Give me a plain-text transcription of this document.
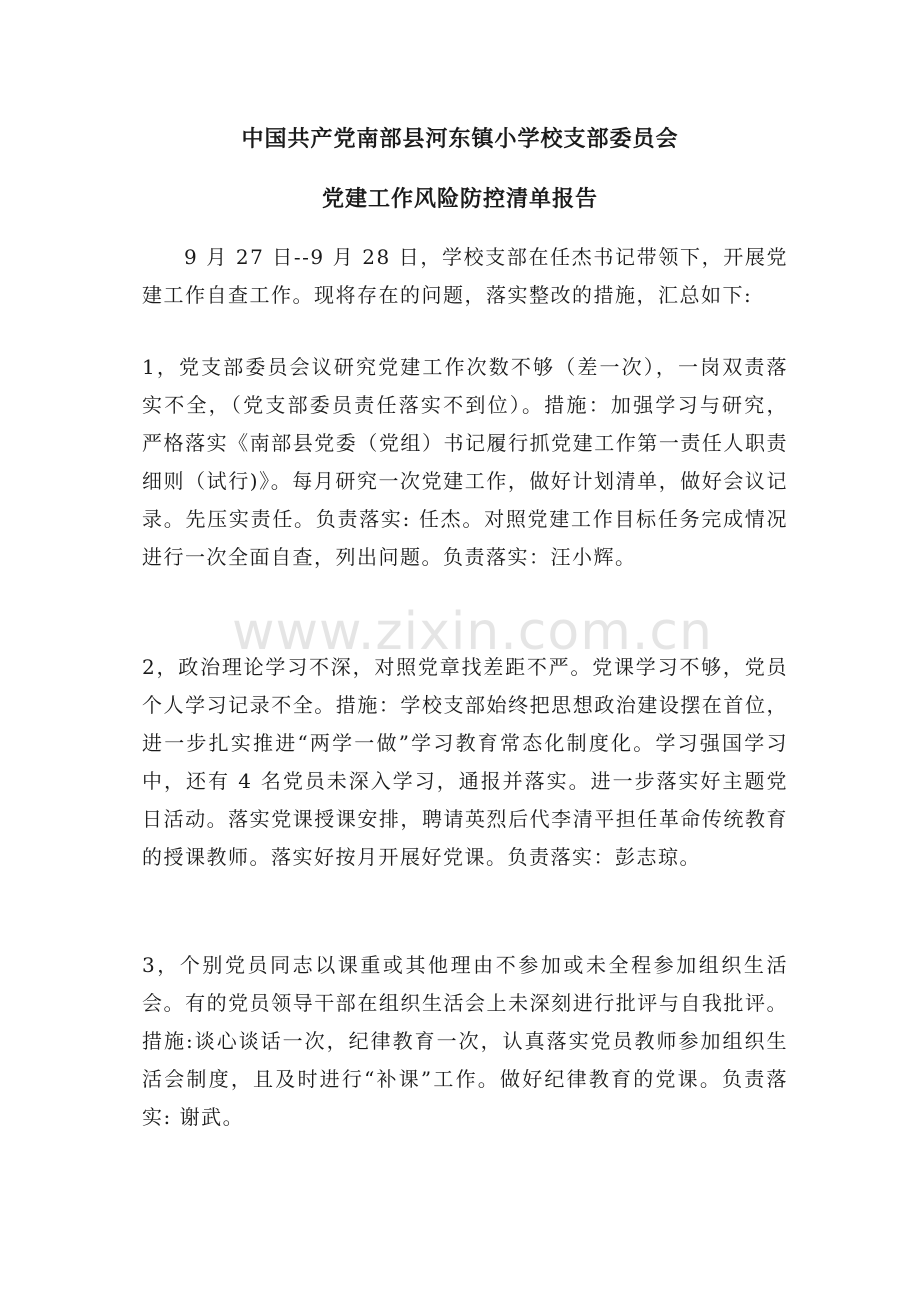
中国共产党南部县河东镇小学校支部委员会
党建工作风险防控清单报告

9 月 27 日--9 月 28 日，学校支部在任杰书记带领下，开展党建工作自查工作。现将存在的问题，落实整改的措施，汇总如下:

1，党支部委员会议研究党建工作次数不够（差一次），一岗双责落实不全，（党支部委员责任落实不到位）。措施：加强学习与研究，严格落实《南部县党委（党组）书记履行抓党建工作第一责任人职责细则（试行)》。每月研究一次党建工作，做好计划清单，做好会议记录。先压实责任。负责落实: 任杰。对照党建工作目标任务完成情况进行一次全面自查，列出问题。负责落实：汪小辉。

2，政治理论学习不深，对照党章找差距不严。党课学习不够，党员个人学习记录不全。措施：学校支部始终把思想政治建设摆在首位，进一步扎实推进“两学一做”学习教育常态化制度化。学习强国学习中，还有 4 名党员未深入学习，通报并落实。进一步落实好主题党日活动。落实党课授课安排，聘请英烈后代李清平担任革命传统教育的授课教师。落实好按月开展好党课。负责落实：彭志琼。

3，个别党员同志以课重或其他理由不参加或未全程参加组织生活会。有的党员领导干部在组织生活会上未深刻进行批评与自我批评。措施:谈心谈话一次，纪律教育一次，认真落实党员教师参加组织生活会制度，且及时进行“补课”工作。做好纪律教育的党课。负责落实: 谢武。

www.zixin.com.cn
